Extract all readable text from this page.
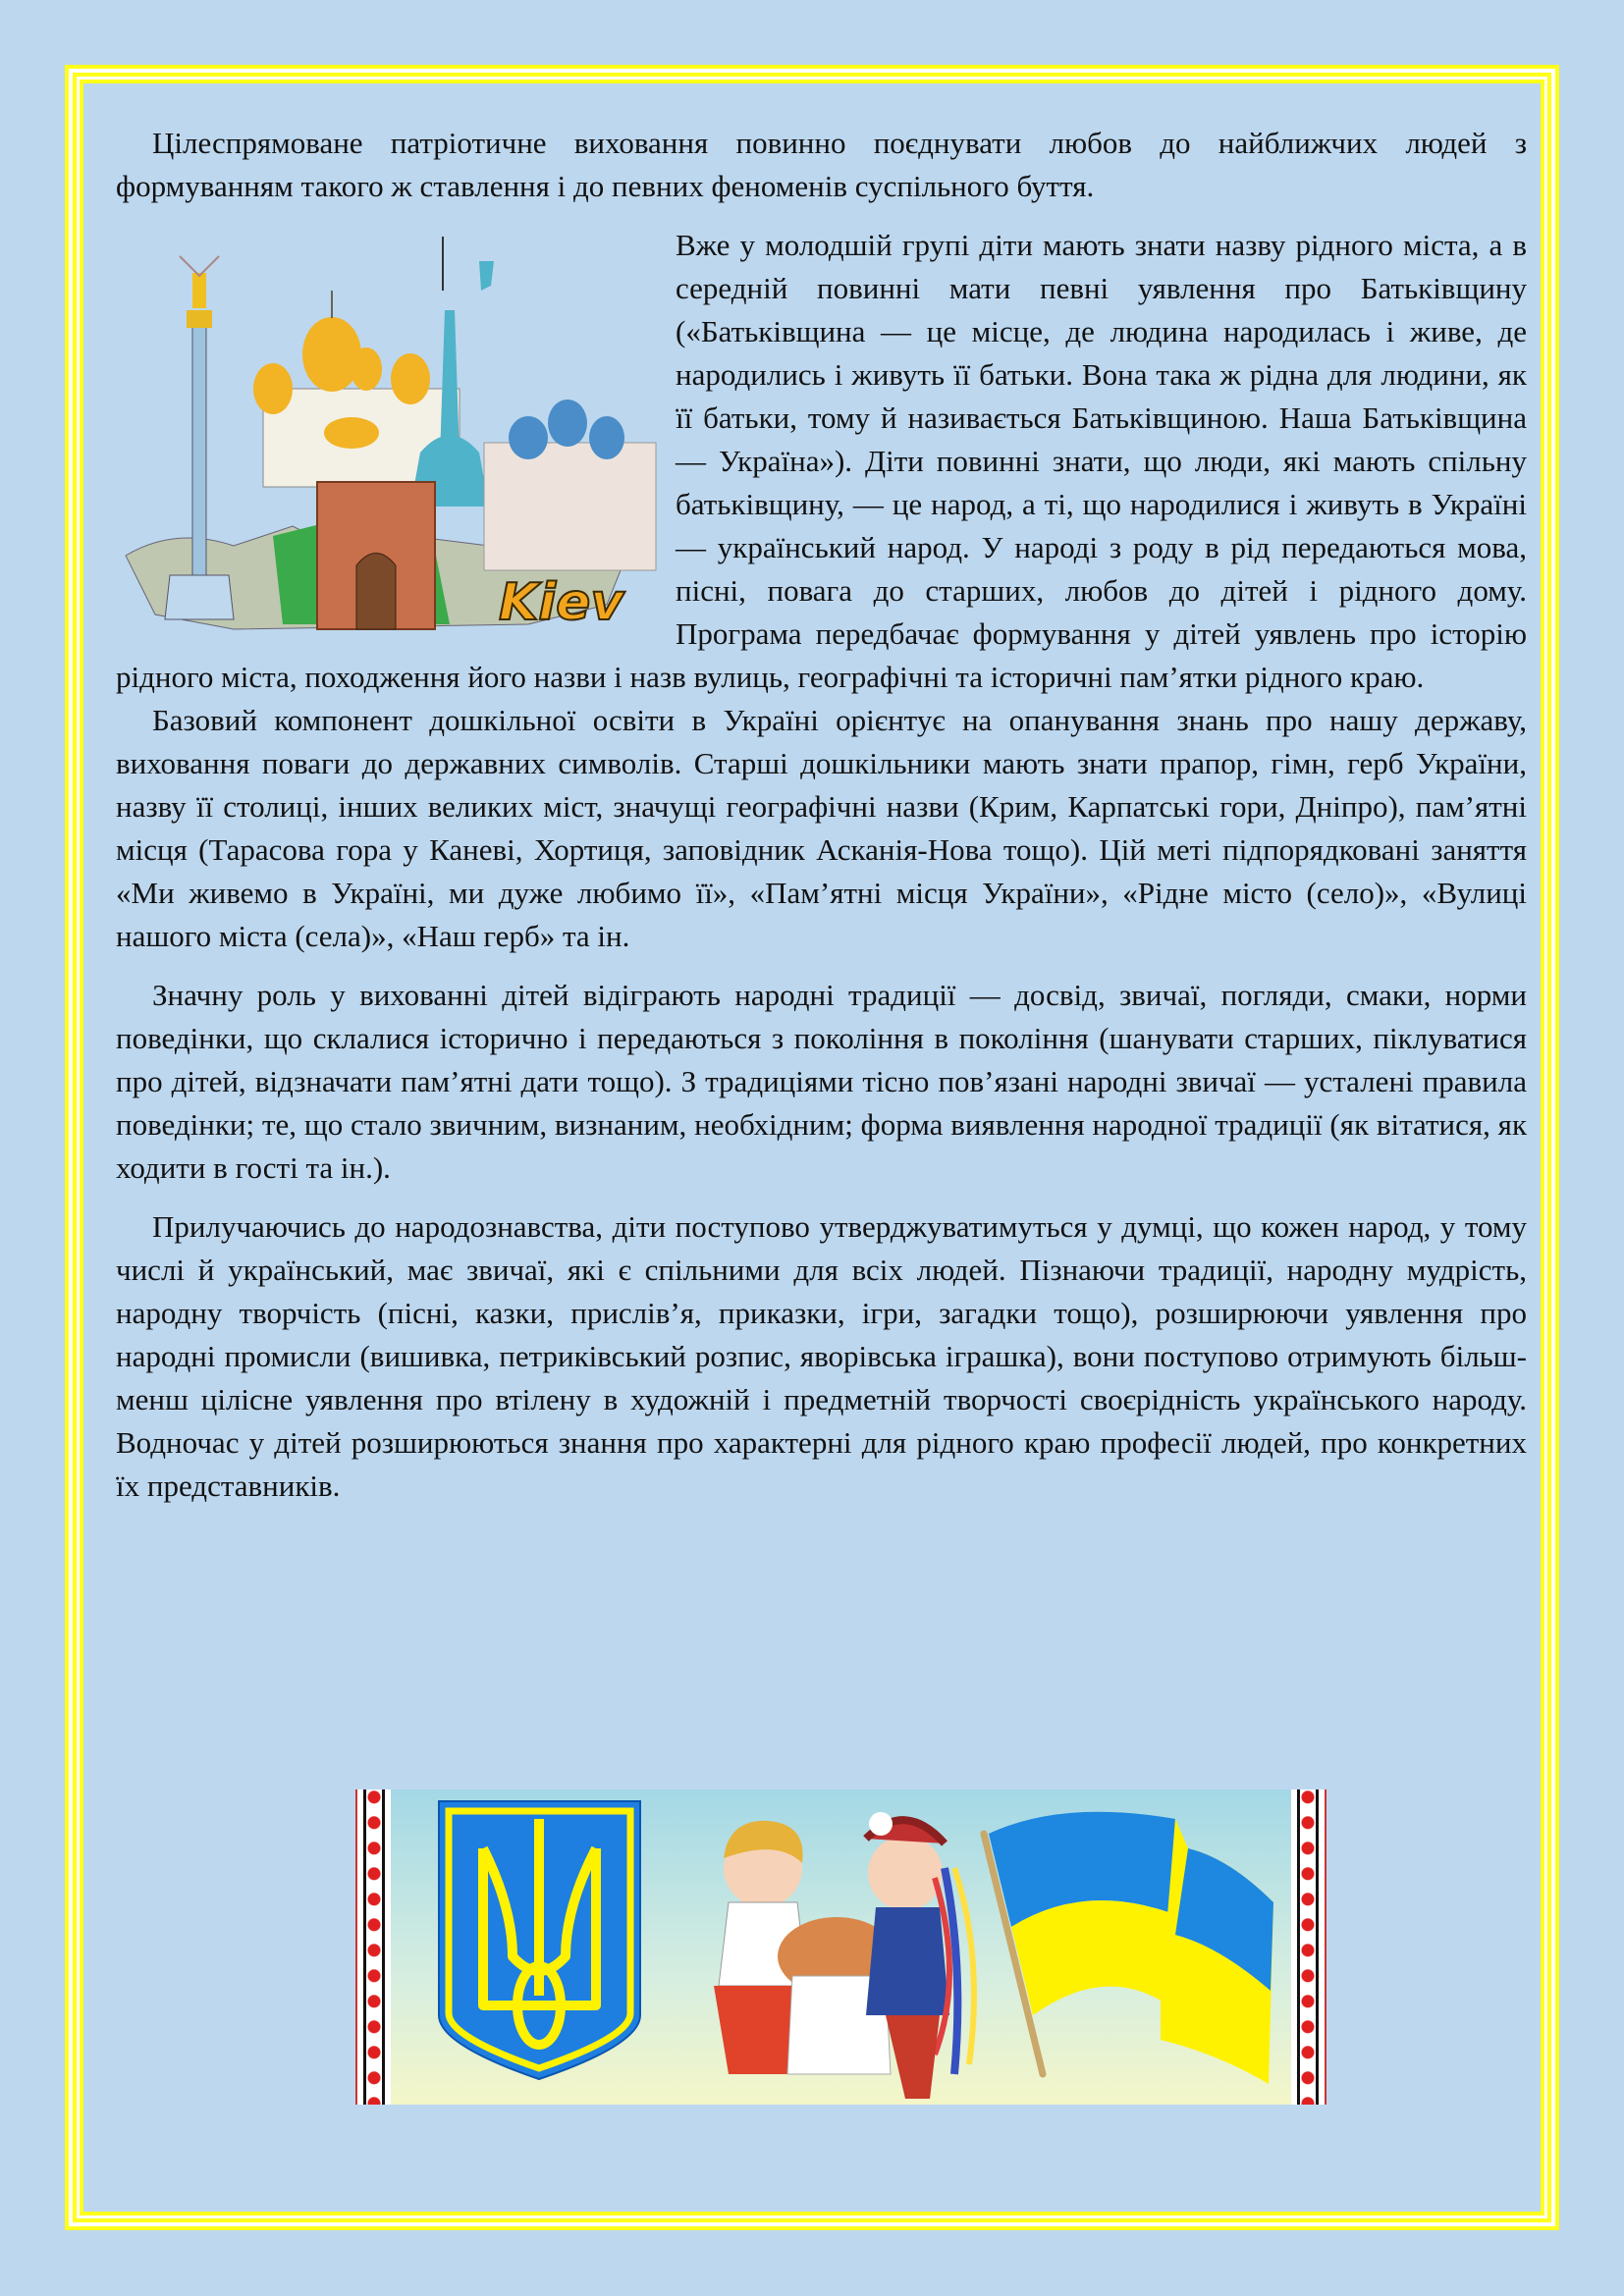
Цілеспрямоване патріотичне виховання повинно поєднувати любов до найближчих людей з формуванням такого ж ставлення і до певних феноменів суспільного буття.

Kiev

Вже у молодшій групі діти мають знати назву рідного міста, а в середній повинні мати певні уявлення про Батьківщину («Батьківщина — це місце, де людина народилась і живе, де народились і живуть її батьки. Вона така ж рідна для людини, як її батьки, тому й називається Батьківщиною. Наша Батьківщина — Україна»). Діти повинні знати, що люди, які мають спільну батьківщину, — це народ, а ті, що народилися і живуть в Україні — український народ. У народі з роду в рід передаються мова, пісні, повага до старших, любов до дітей і рідного дому. Програма передбачає формування у дітей уявлень про історію рідного міста, походження його назви і назв вулиць, географічні та історичні пам’ятки рідного краю.

Базовий компонент дошкільної освіти в Україні орієнтує на опанування знань про нашу державу, виховання поваги до державних символів. Старші дошкільники мають знати прапор, гімн, герб України, назву її столиці, інших великих міст, значущі географічні назви (Крим, Карпатські гори, Дніпро), пам’ятні місця (Тарасова гора у Каневі, Хортиця, заповідник Асканія-Нова тощо). Цій меті підпорядковані заняття «Ми живемо в Україні, ми дуже любимо її», «Пам’ятні місця України», «Рідне місто (село)», «Вулиці нашого міста (села)», «Наш герб» та ін.

Значну роль у вихованні дітей відіграють народні традиції — досвід, звичаї, погляди, смаки, норми поведінки, що склалися історично і передаються з покоління в покоління (шанувати старших, піклуватися про дітей, відзначати пам’ятні дати тощо). З традиціями тісно пов’язані народні звичаї — усталені правила поведінки; те, що стало звичним, визнаним, необхідним; форма виявлення народної традиції (як вітатися, як ходити в гості та ін.).

Прилучаючись до народознавства, діти поступово утверджуватимуться у думці, що кожен народ, у тому числі й український, має звичаї, які є спільними для всіх людей. Пізнаючи традиції, народну мудрість, народну творчість (пісні, казки, прислів’я, приказки, ігри, загадки тощо), розширюючи уявлення про народні промисли (вишивка, петриківський розпис, яворівська іграшка), вони поступово отримують більш-менш цілісне уявлення про втілену в художній і предметній творчості своєрідність українського народу. Водночас у дітей розширюються знання про характерні для рідного краю професії людей, про конкретних їх представників.
